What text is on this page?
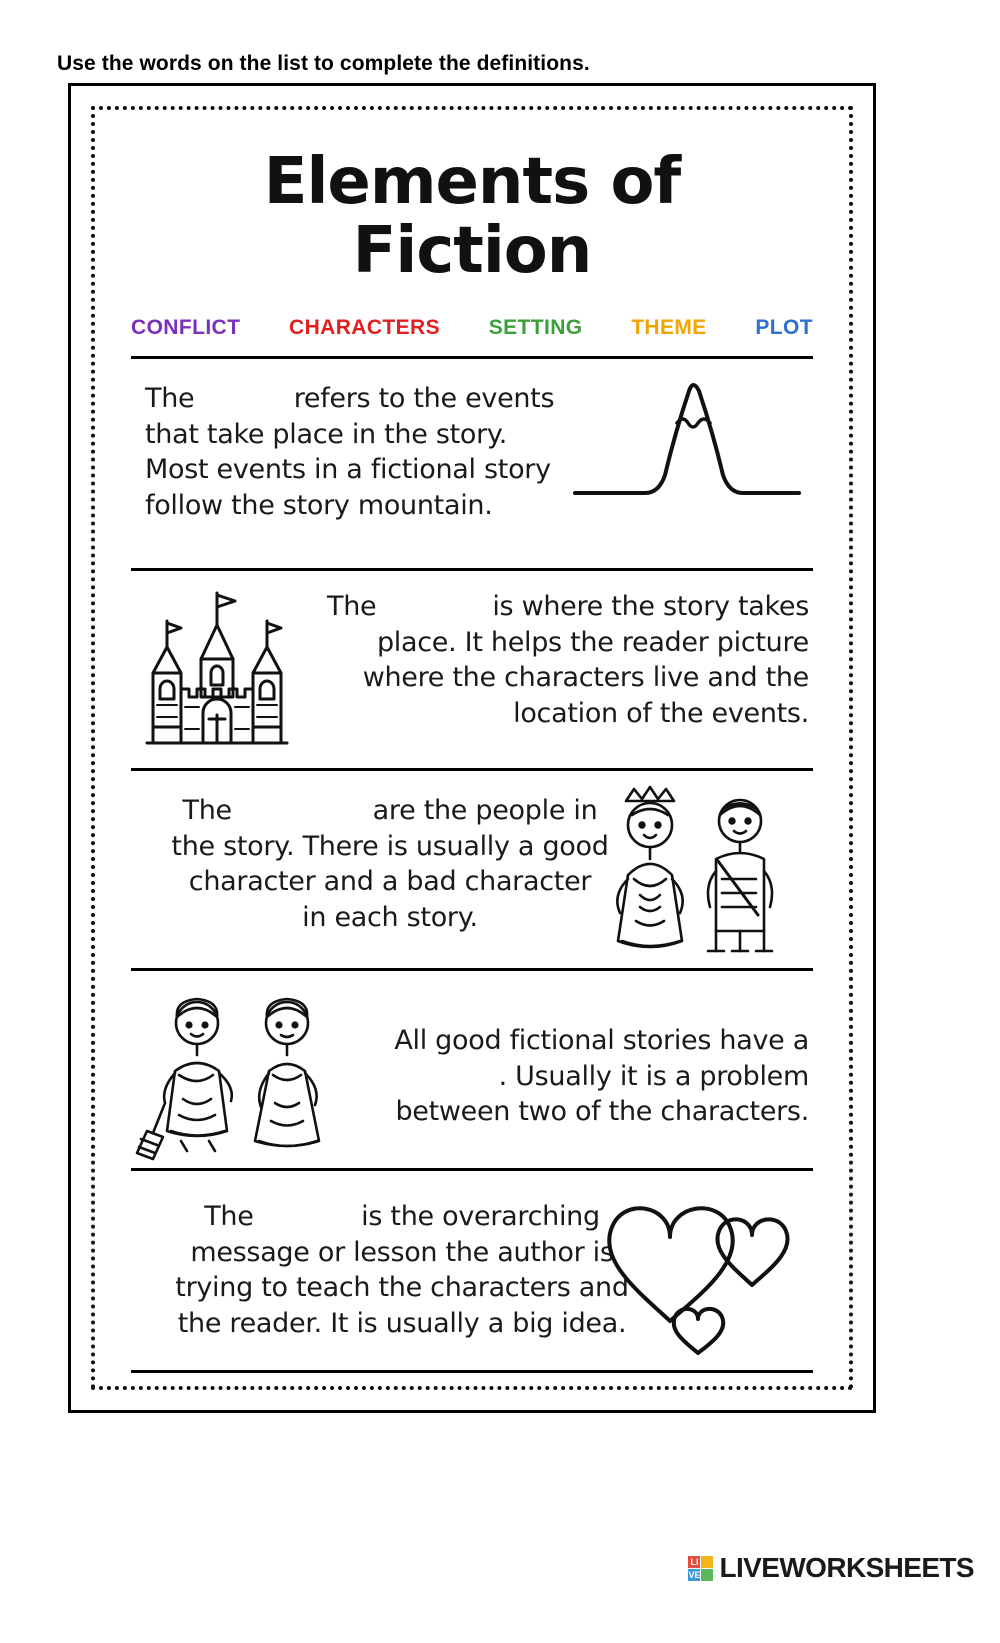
Use the words on the list to complete the definitions.
Elements of
Fiction
CONFLICT CHARACTERS SETTING THEME PLOT
The            refers to the events
that take place in the story.
Most events in a fictional story
follow the story mountain.
The              is where the story takes
place. It helps the reader picture
where the characters live and the
location of the events.
The                 are the people in
the story. There is usually a good
character and a bad character
in each story.
All good fictional stories have a
. Usually it is a problem
between two of the characters.
The             is the overarching
message or lesson the author is
trying to teach the characters and
the reader. It is usually a big idea.
LI
VE LIVEWORKSHEETS
